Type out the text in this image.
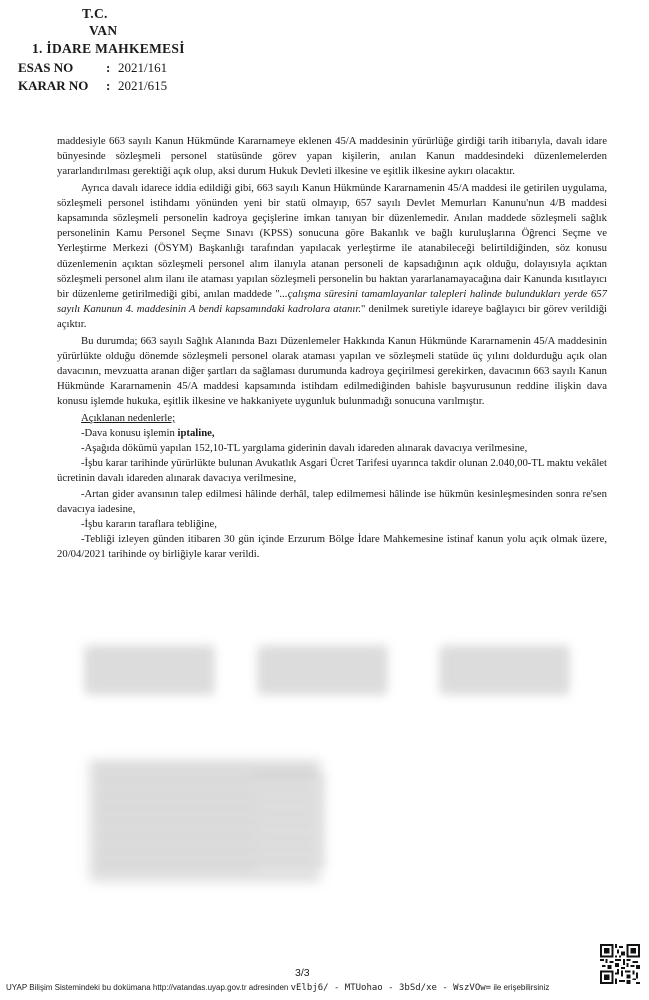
T.C.
VAN
1. İDARE MAHKEMESİ
ESAS NO	: 2021/161
KARAR NO : 2021/615

maddesiyle 663 sayılı Kanun Hükmünde Kararnameye eklenen 45/A maddesinin yürürlüğe girdiği tarih itibarıyla, davalı idare bünyesinde sözleşmeli personel statüsünde görev yapan kişilerin, anılan Kanun maddesindeki düzenlemelerden yararlandırılması gerektiği açık olup, aksi durum Hukuk Devleti ilkesine ve eşitlik ilkesine aykırı olacaktır.

Ayrıca davalı idarece iddia edildiği gibi, 663 sayılı Kanun Hükmünde Kararnamenin 45/A maddesi ile getirilen uygulama, sözleşmeli personel istihdamı yönünden yeni bir statü olmayıp, 657 sayılı Devlet Memurları Kanunu'nun 4/B maddesi kapsamında sözleşmeli personelin kadroya geçişlerine imkan tanıyan bir düzenlemedir. Anılan maddede sözleşmeli sağlık personelinin Kamu Personel Seçme Sınavı (KPSS) sonucuna göre Bakanlık ve bağlı kuruluşlarına Öğrenci Seçme ve Yerleştirme Merkezi (ÖSYM) Başkanlığı tarafından yapılacak yerleştirme ile atanabileceği belirtildiğinden, söz konusu düzenlemenin açıktan sözleşmeli personel alım ilanıyla atanan personeli de kapsadığının açık olduğu, dolayısıyla açıktan sözleşmeli personel alım ilanı ile ataması yapılan sözleşmeli personelin bu haktan yararlanamayacağına dair Kanunda kısıtlayıcı bir düzenleme getirilmediği gibi, anılan maddede "...çalışma süresini tamamlayanlar talepleri halinde bulundukları yerde 657 sayılı Kanunun 4. maddesinin A bendi kapsamındaki kadrolara atanır." denilmek suretiyle idareye bağlayıcı bir görev verildiği açıktır.

Bu durumda; 663 sayılı Sağlık Alanında Bazı Düzenlemeler Hakkında Kanun Hükmünde Kararnamenin 45/A maddesinin yürürlükte olduğu dönemde sözleşmeli personel olarak ataması yapılan ve sözleşmeli statüde üç yılını doldurduğu açık olan davacının, mevzuatta aranan diğer şartları da sağlaması durumunda kadroya geçirilmesi gerekirken, davacının 663 sayılı Kanun Hükmünde Kararnamenin 45/A maddesi kapsamında istihdam edilmediğinden bahisle başvurusunun reddine ilişkin dava konusu işlemde hukuka, eşitlik ilkesine ve hakkaniyete uygunluk bulunmadığı sonucuna varılmıştır.

Açıklanan nedenlerle;

-Dava konusu işlemin iptaline,

-Aşağıda dökümü yapılan 152,10-TL yargılama giderinin davalı idareden alınarak davacıya verilmesine,

-İşbu karar tarihinde yürürlükte bulunan Avukatlık Asgari Ücret Tarifesi uyarınca takdir olunan 2.040,00-TL maktu vekâlet ücretinin davalı idareden alınarak davacıya verilmesine,

-Artan gider avansının talep edilmesi hâlinde derhâl, talep edilmemesi hâlinde ise hükmün kesinleşmesinden sonra re'sen davacıya iadesine,

-İşbu kararın taraflara tebliğine,

-Tebliği izleyen günden itibaren 30 gün içinde Erzurum Bölge İdare Mahkemesine istinaf kanun yolu açık olmak üzere, 20/04/2021 tarihinde oy birliğiyle karar verildi.

3/3
UYAP Bilişim Sistemindeki bu dokümana http://vatandas.uyap.gov.tr adresinden vElbj6/ - MTUohao - 3bSd/xe - WszVOw= ile erişebilirsiniz
